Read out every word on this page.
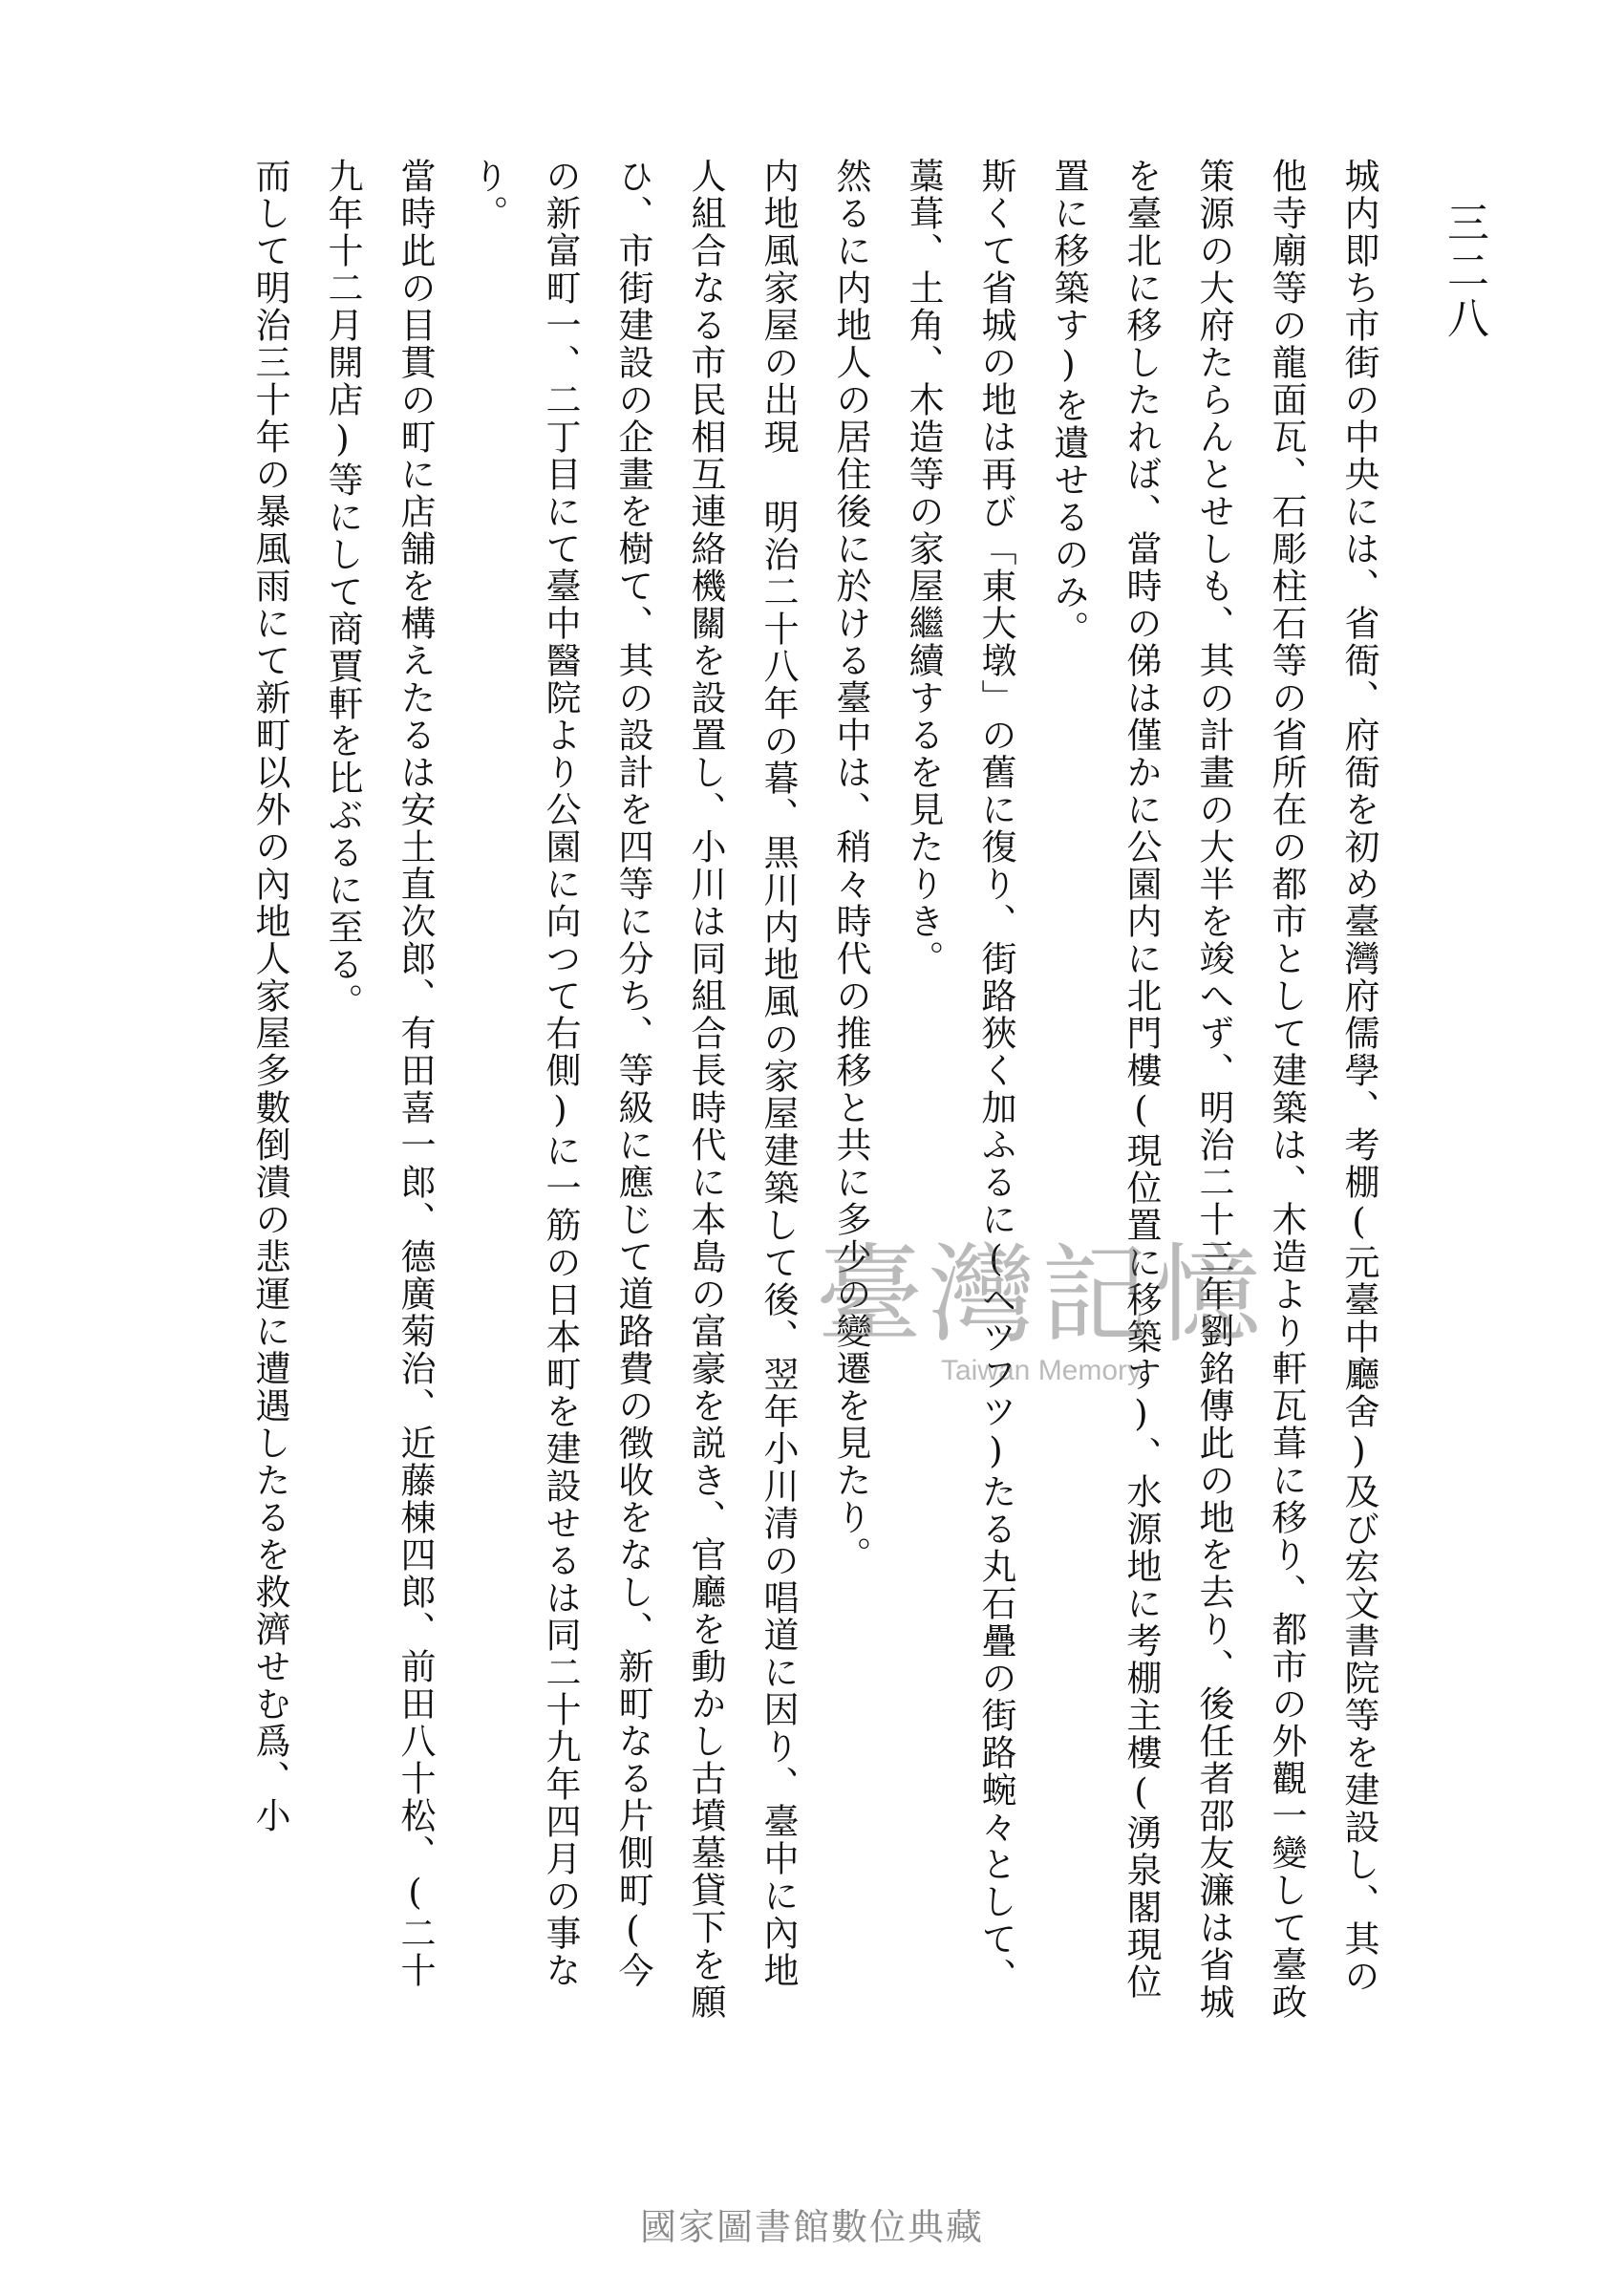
三二八

城内即ち市街の中央には、省衙、府衙を初め臺灣府儒學、考棚(元臺中廳舍)及び宏文書院等を建設し、其の他寺廟等の龍面瓦、石彫柱石等の省所在の都市として建築は、木造より軒瓦葺に移り、都市の外觀一變して臺政策源の大府たらんとせしも、其の計畫の大半を竣へず、明治二十三年劉銘傳此の地を去り、後任者邵友濂は省城を臺北に移したれば、當時の俤は僅かに公園内に北門樓(現位置に移築す)、水源地に考棚主樓(湧泉閣現位置に移築す)を遺せるのみ。

斯くて省城の地は再び「東大墩」の舊に復り、街路狹く加ふるに(ヘツフツ)たる丸石疊の街路蜿々として、藁葺、土角、木造等の家屋繼續するを見たりき。

然るに内地人の居住後に於ける臺中は、稍々時代の推移と共に多少の變遷を見たり。

内地風家屋の出現 明治二十八年の暮、黒川内地風の家屋建築して後、翌年小川清の唱道に因り、臺中に內地人組合なる市民相互連絡機關を設置し、小川は同組合長時代に本島の富豪を説き、官廳を動かし古墳墓貸下を願ひ、市街建設の企畫を樹て、其の設計を四等に分ち、等級に應じて道路費の徴收をなし、新町なる片側町(今の新富町一、二丁目にて臺中醫院より公園に向つて右側)に一筋の日本町を建設せるは同二十九年四月の事なり。

當時此の目貫の町に店舗を構えたるは安土直次郎、有田喜一郎、德廣菊治、近藤棟四郎、前田八十松、(二十九年十二月開店)等にして商賈軒を比ぶるに至る。

而して明治三十年の暴風雨にて新町以外の內地人家屋多數倒潰の悲運に遭遇したるを救濟せむ爲、小	臺灣記憶
Taiwan Memory
國家圖書館數位典藏
